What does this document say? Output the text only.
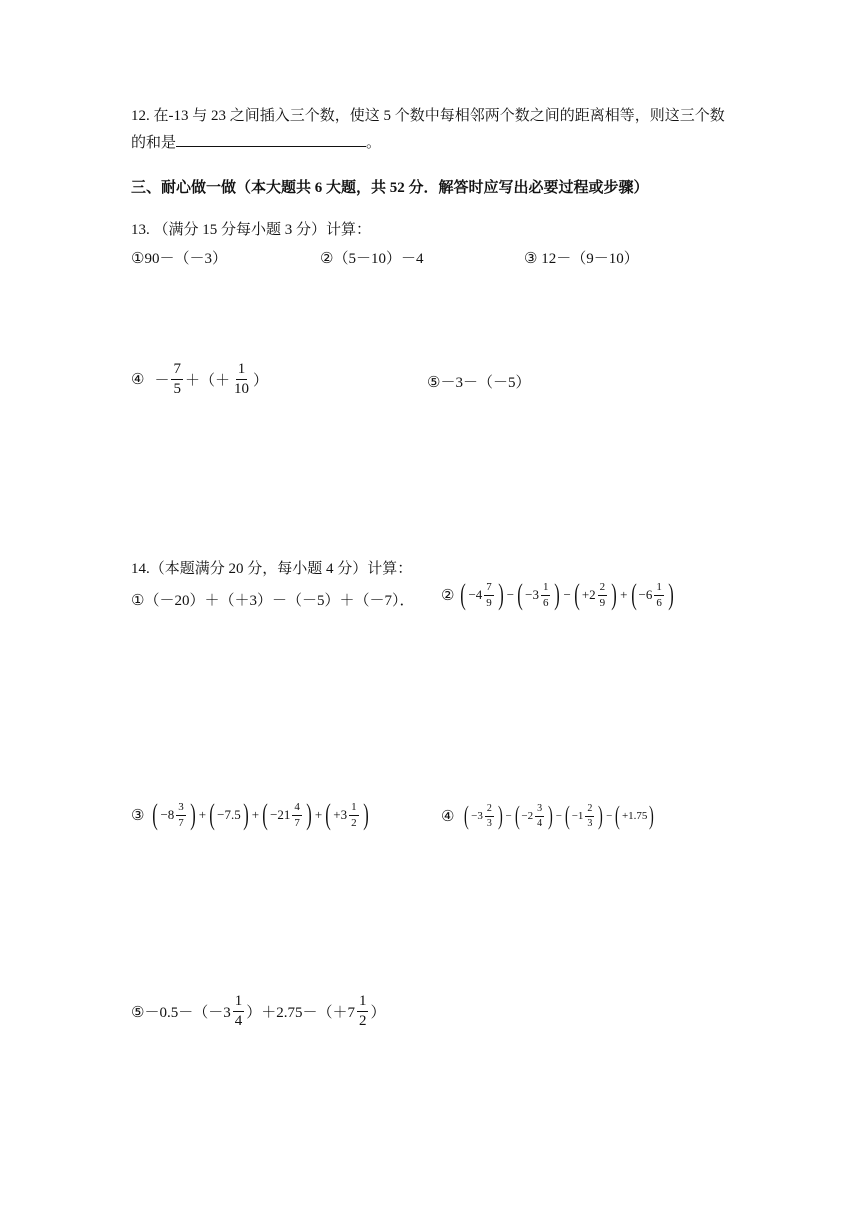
12. 在-13 与 23 之间插入三个数，使这 5 个数中每相邻两个数之间的距离相等，则这三个数
的和是	。
三、耐心做一做（本大题共 6 大题，共 52 分．解答时应写出必要过程或步骤）
13. （满分 15 分每小题 3 分）计算：
①90－（－3）	②（5－10）－4	③ 12－（9－10）
④ － $\frac{7}{5}$ ＋（＋ $\frac{1}{10}$ ）	⑤－3－（－5）
14.（本题满分 20 分，每小题 4 分）计算：
①（－20）＋（＋3）－（－5）＋（－7）． ② ( $-4 \frac{7}{9}$ ) − ( $-3 \frac{1}{6}$ ) − ( $+2 \frac{2}{9}$ ) + ( $-6 \frac{1}{6}$ )
③ ( $-8 \frac{3}{7}$ ) + ( −7.5 ) + ( $-21 \frac{4}{7}$ ) + ( $+3 \frac{1}{2}$ )	④ ( $-3 \frac{2}{3}$ ) − ( $-2 \frac{3}{4}$ ) − ( $-1 \frac{2}{3}$ ) − ( +1.75 )
⑤－0.5－（－3 $\frac{1}{4} )+2.75-(+7 \frac{1}{2}$ ）
